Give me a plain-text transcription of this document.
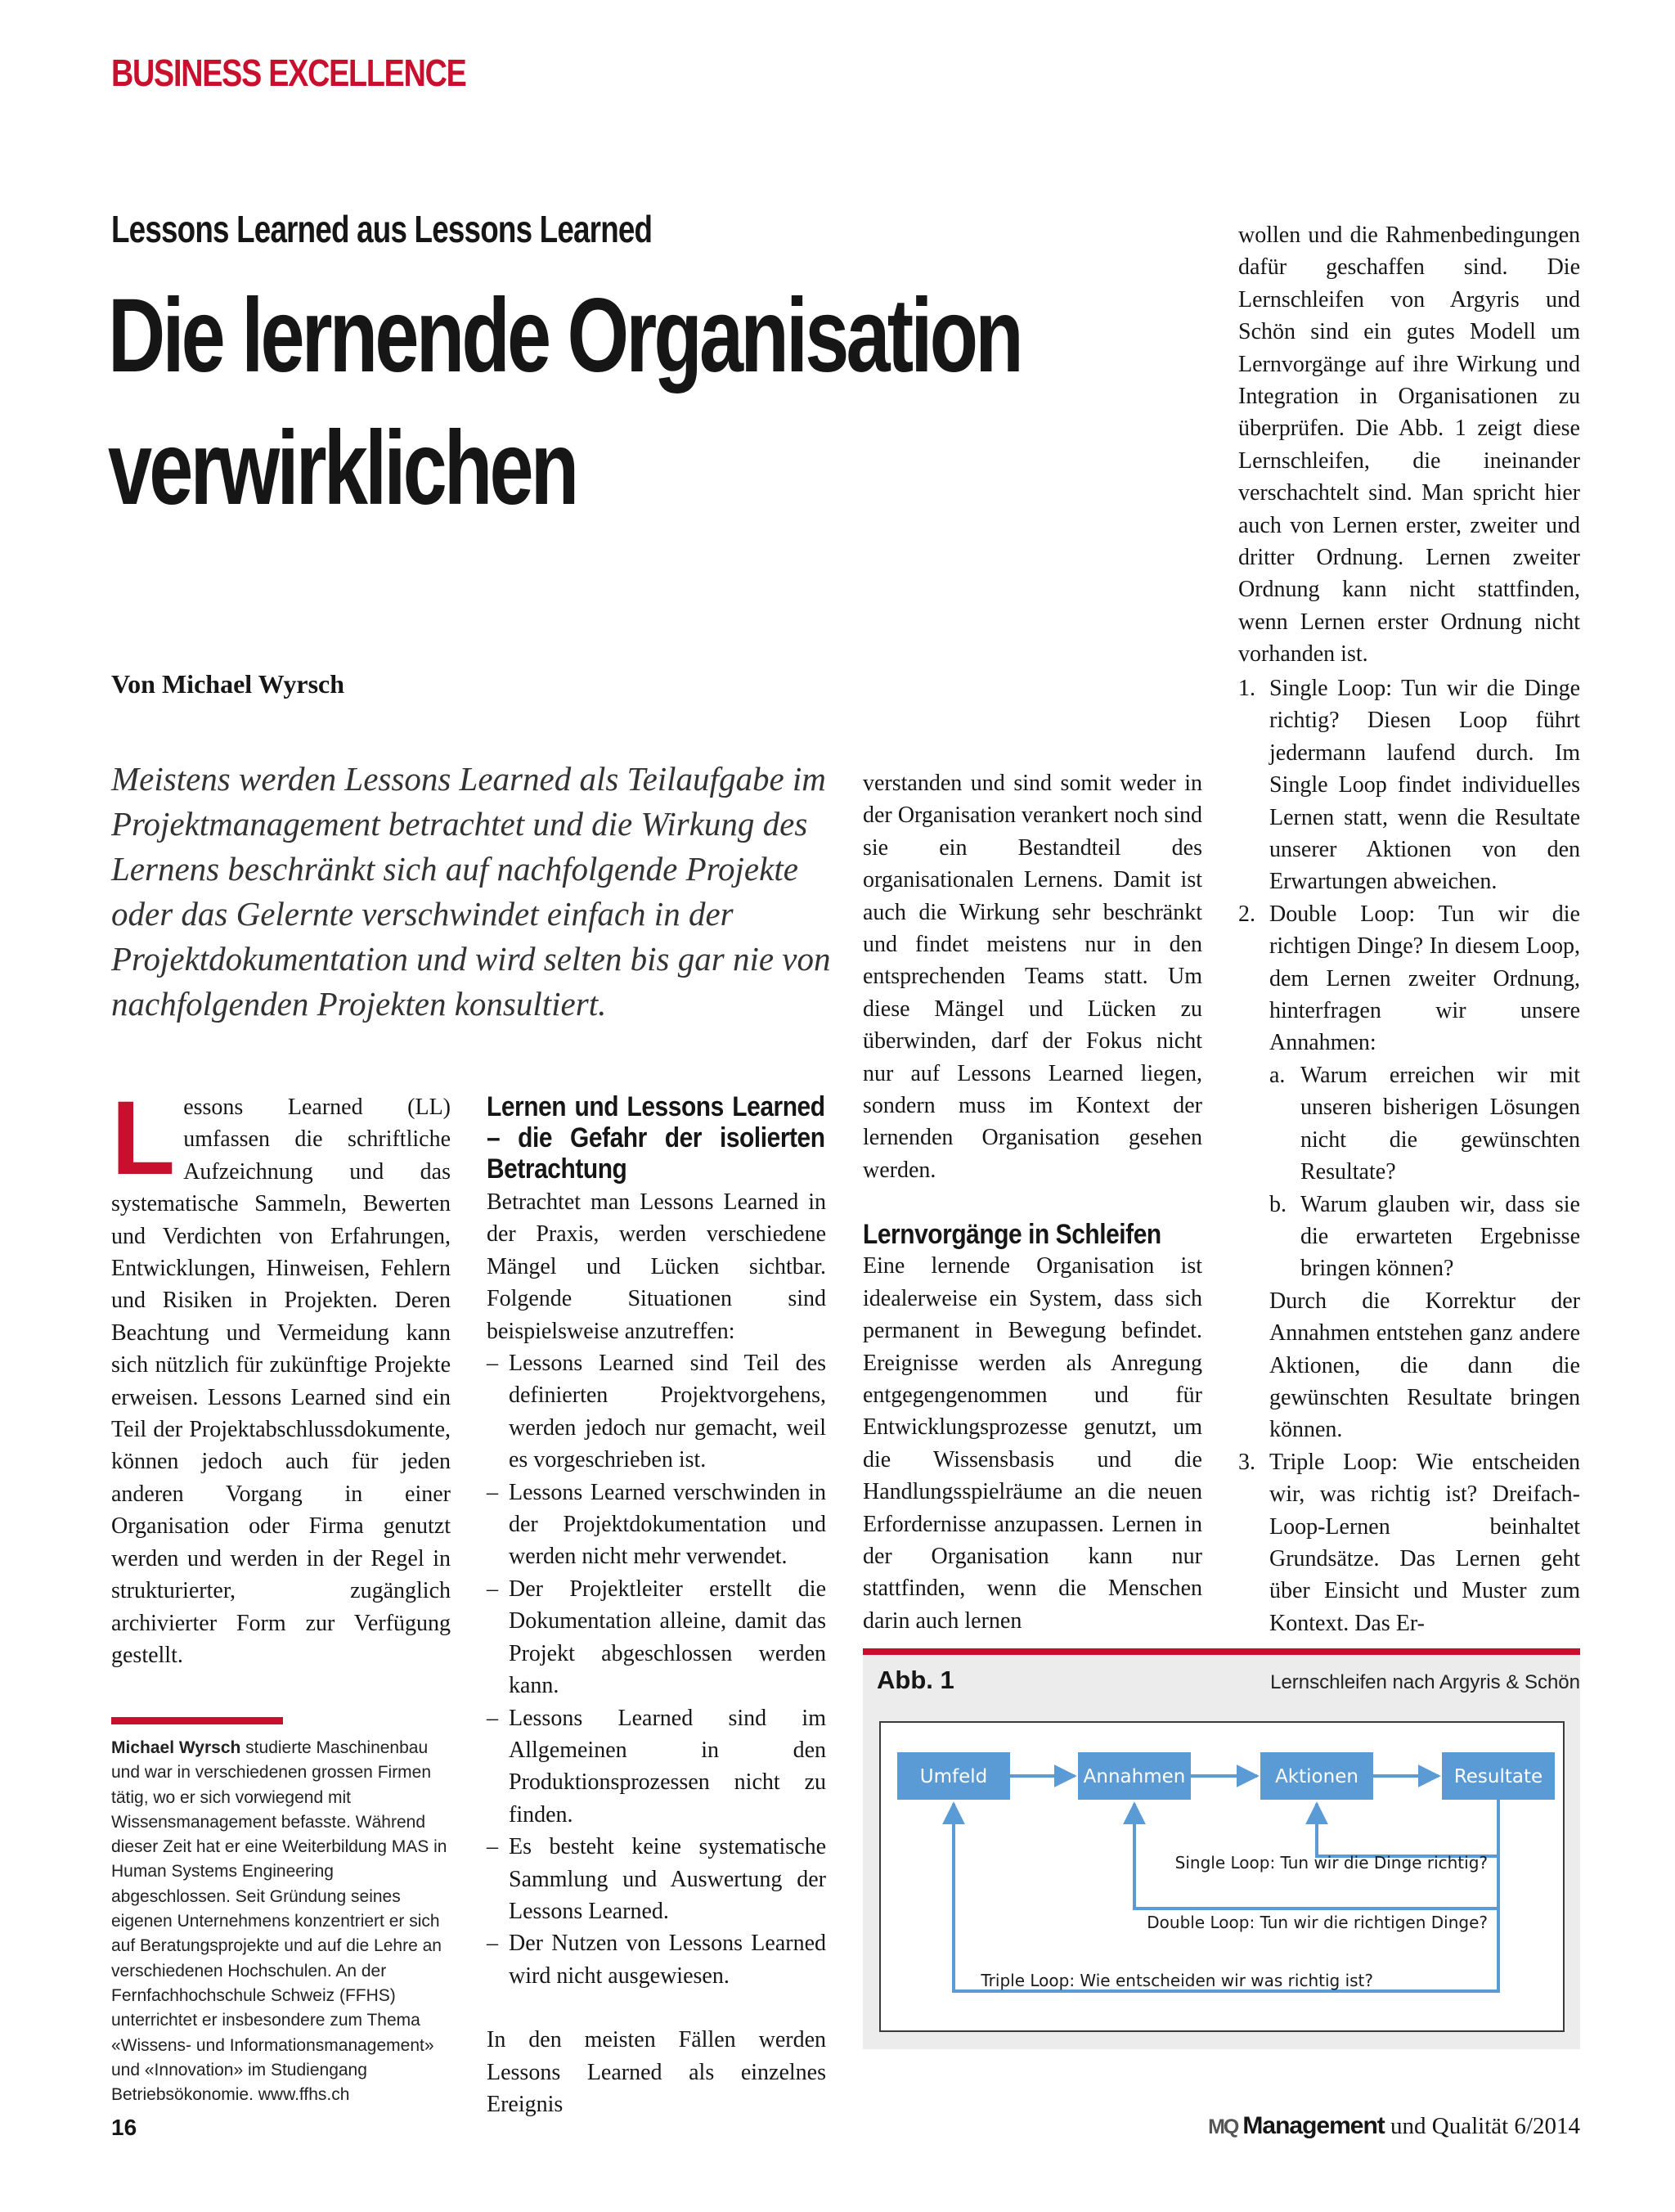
BUSINESS EXCELLENCE
Lessons Learned aus Lessons Learned
Die lernende Organisation
verwirklichen
Von Michael Wyrsch
Meistens werden Lessons Learned als Teilaufgabe im Projektmanagement betrachtet und die Wirkung des Lernens beschränkt sich auf nachfolgende Projekte oder das Gelernte verschwindet einfach in der Projektdokumentation und wird selten bis gar nie von nachfolgenden Projekten konsultiert.

Lessons Learned (LL) umfassen die schriftliche Aufzeichnung und das systematische Sammeln, Bewerten und Verdichten von Erfahrungen, Entwicklungen, Hinweisen, Fehlern und Risiken in Projekten. Deren Beachtung und Vermeidung kann sich nützlich für zukünftige Projekte erweisen. Lessons Learned sind ein Teil der Projektabschlussdokumente, können jedoch auch für jeden anderen Vorgang in einer Organisation oder Firma genutzt werden und werden in der Regel in strukturierter, zugänglich archivierter Form zur Verfügung gestellt.

Michael Wyrsch studierte Maschinenbau und war in verschiedenen grossen Firmen tätig, wo er sich vorwiegend mit Wissensmanagement befasste. Während dieser Zeit hat er eine Weiterbildung MAS in Human Systems Engineering abgeschlossen. Seit Gründung seines eigenen Unternehmens konzentriert er sich auf Beratungsprojekte und auf die Lehre an verschiedenen Hochschulen. An der Fernfachhochschule Schweiz (FFHS) unterrichtet er insbesondere zum Thema «Wissens- und Informationsmanagement» und «Innovation» im Studiengang Betriebsökonomie. www.ffhs.ch
Lernen und Lessons Learned – die Gefahr der isolierten Betrachtung

Betrachtet man Lessons Learned in der Praxis, werden verschiedene Mängel und Lücken sichtbar. Folgende Situationen sind beispielsweise anzutreffen:

– Lessons Learned sind Teil des definierten Projektvorgehens, werden jedoch nur gemacht, weil es vorgeschrieben ist.
– Lessons Learned verschwinden in der Projektdokumentation und werden nicht mehr verwendet.
– Der Projektleiter erstellt die Dokumentation alleine, damit das Projekt abgeschlossen werden kann.
– Lessons Learned sind im Allgemeinen in den Produktionsprozessen nicht zu finden.
– Es besteht keine systematische Sammlung und Auswertung der Lessons Learned.
– Der Nutzen von Lessons Learned wird nicht ausgewiesen.

In den meisten Fällen werden Lessons Learned als einzelnes Ereignis

verstanden und sind somit weder in der Organisation verankert noch sind sie ein Bestandteil des organisationalen Lernens. Damit ist auch die Wirkung sehr beschränkt und findet meistens nur in den entsprechenden Teams statt. Um diese Mängel und Lücken zu überwinden, darf der Fokus nicht nur auf Lessons Learned liegen, sondern muss im Kontext der lernenden Organisation gesehen werden.

Lernvorgänge in Schleifen

Eine lernende Organisation ist idealerweise ein System, dass sich permanent in Bewegung befindet. Ereignisse werden als Anregung entgegengenommen und für Entwicklungsprozesse genutzt, um die Wissensbasis und die Handlungsspielräume an die neuen Erfordernisse anzupassen. Lernen in der Organisation kann nur stattfinden, wenn die Menschen darin auch lernen

wollen und die Rahmenbedingungen dafür geschaffen sind. Die Lernschleifen von Argyris und Schön sind ein gutes Modell um Lernvorgänge auf ihre Wirkung und Integration in Organisationen zu überprüfen. Die Abb. 1 zeigt diese Lernschleifen, die ineinander verschachtelt sind. Man spricht hier auch von Lernen erster, zweiter und dritter Ordnung. Lernen zweiter Ordnung kann nicht stattfinden, wenn Lernen erster Ordnung nicht vorhanden ist.

1. Single Loop: Tun wir die Dinge richtig? Diesen Loop führt jedermann laufend durch. Im Single Loop findet individuelles Lernen statt, wenn die Resultate unserer Aktionen von den Erwartungen abweichen.
2. Double Loop: Tun wir die richtigen Dinge? In diesem Loop, dem Lernen zweiter Ordnung, hinterfragen wir unsere Annahmen:
a. Warum erreichen wir mit unseren bisherigen Lösungen nicht die gewünschten Resultate?
b. Warum glauben wir, dass sie die erwarteten Ergebnisse bringen können?
Durch die Korrektur der Annahmen entstehen ganz andere Aktionen, die dann die gewünschten Resultate bringen können.
3. Triple Loop: Wie entscheiden wir, was richtig ist? Dreifach-Loop-Lernen beinhaltet Grundsätze. Das Lernen geht über Einsicht und Muster zum Kontext. Das Er-
Abb. 1	Lernschleifen nach Argyris & Schön
Umfeld	Annahmen	Aktionen	Resultate
Single Loop: Tun wir die Dinge richtig?
Double Loop: Tun wir die richtigen Dinge?
Triple Loop: Wie entscheiden wir was richtig ist?
16	MQ Management und Qualität 6/2014
